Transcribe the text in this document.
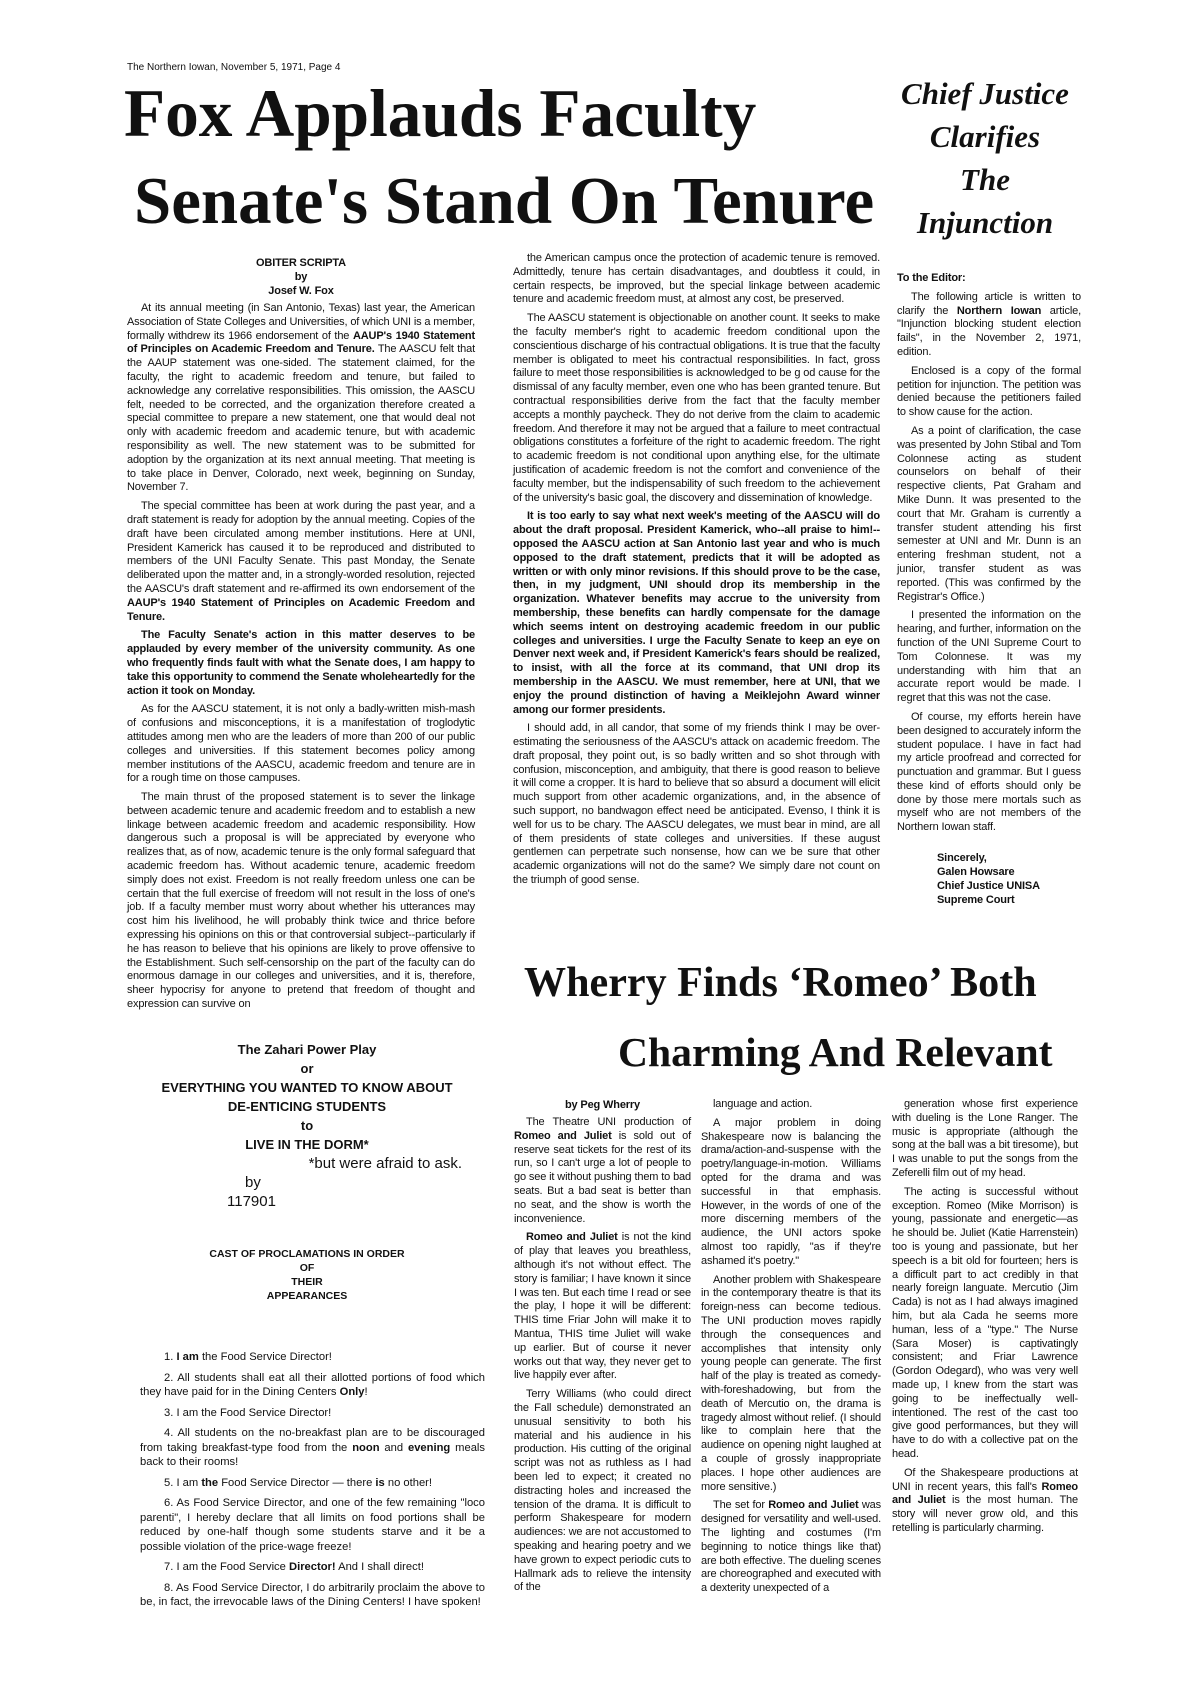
The Northern Iowan, November 5, 1971, Page 4
Fox Applauds Faculty
Senate's Stand On Tenure
Chief Justice
Clarifies
The
Injunction
OBITER SCRIPTA
by
Josef W. Fox

At its annual meeting (in San Antonio, Texas) last year, the American Association of State Colleges and Universities, of which UNI is a member, formally withdrew its 1966 endorsement of the AAUP's 1940 Statement of Principles on Academic Freedom and Tenure. The AASCU felt that the AAUP statement was one-sided. The statement claimed, for the faculty, the right to academic freedom and tenure, but failed to acknowledge any correlative responsibilities. This omission, the AASCU felt, needed to be corrected, and the organization therefore created a special committee to prepare a new statement, one that would deal not only with academic freedom and academic tenure, but with academic responsibility as well. The new statement was to be submitted for adoption by the organization at its next annual meeting. That meeting is to take place in Denver, Colorado, next week, beginning on Sunday, November 7.

The special committee has been at work during the past year, and a draft statement is ready for adoption by the annual meeting. Copies of the draft have been circulated among member institutions. Here at UNI, President Kamerick has caused it to be reproduced and distributed to members of the UNI Faculty Senate. This past Monday, the Senate deliberated upon the matter and, in a strongly-worded resolution, rejected the AASCU's draft statement and re-affirmed its own endorsement of the AAUP's 1940 Statement of Principles on Academic Freedom and Tenure.

The Faculty Senate's action in this matter deserves to be applauded by every member of the university community. As one who frequently finds fault with what the Senate does, I am happy to take this opportunity to commend the Senate wholeheartedly for the action it took on Monday.

As for the AASCU statement, it is not only a badly-written mish-mash of confusions and misconceptions, it is a manifestation of troglodytic attitudes among men who are the leaders of more than 200 of our public colleges and universities. If this statement becomes policy among member institutions of the AASCU, academic freedom and tenure are in for a rough time on those campuses.

The main thrust of the proposed statement is to sever the linkage between academic tenure and academic freedom and to establish a new linkage between academic freedom and academic responsibility. How dangerous such a proposal is will be appreciated by everyone who realizes that, as of now, academic tenure is the only formal safeguard that academic freedom has. Without academic tenure, academic freedom simply does not exist. Freedom is not really freedom unless one can be certain that the full exercise of freedom will not result in the loss of one's job. If a faculty member must worry about whether his utterances may cost him his livelihood, he will probably think twice and thrice before expressing his opinions on this or that controversial subject--particularly if he has reason to believe that his opinions are likely to prove offensive to the Establishment. Such self-censorship on the part of the faculty can do enormous damage in our colleges and universities, and it is, therefore, sheer hypocrisy for anyone to pretend that freedom of thought and expression can survive on

the American campus once the protection of academic tenure is removed. Admittedly, tenure has certain disadvantages, and doubtless it could, in certain respects, be improved, but the special linkage between academic tenure and academic freedom must, at almost any cost, be preserved.

The AASCU statement is objectionable on another count. It seeks to make the faculty member's right to academic freedom conditional upon the conscientious discharge of his contractual obligations. It is true that the faculty member is obligated to meet his contractual responsibilities. In fact, gross failure to meet those responsibilities is acknowledged to be g od cause for the dismissal of any faculty member, even one who has been granted tenure. But contractual responsibilities derive from the fact that the faculty member accepts a monthly paycheck. They do not derive from the claim to academic freedom. And therefore it may not be argued that a failure to meet contractual obligations constitutes a forfeiture of the right to academic freedom. The right to academic freedom is not conditional upon anything else, for the ultimate justification of academic freedom is not the comfort and convenience of the faculty member, but the indispensability of such freedom to the achievement of the university's basic goal, the discovery and dissemination of knowledge.

It is too early to say what next week's meeting of the AASCU will do about the draft proposal. President Kamerick, who--all praise to him!--opposed the AASCU action at San Antonio last year and who is much opposed to the draft statement, predicts that it will be adopted as written or with only minor revisions. If this should prove to be the case, then, in my judgment, UNI should drop its membership in the organization. Whatever benefits may accrue to the university from membership, these benefits can hardly compensate for the damage which seems intent on destroying academic freedom in our public colleges and universities. I urge the Faculty Senate to keep an eye on Denver next week and, if President Kamerick's fears should be realized, to insist, with all the force at its command, that UNI drop its membership in the AASCU. We must remember, here at UNI, that we enjoy the pround distinction of having a Meiklejohn Award winner among our former presidents.

I should add, in all candor, that some of my friends think I may be over-estimating the seriousness of the AASCU's attack on academic freedom. The draft proposal, they point out, is so badly written and so shot through with confusion, misconception, and ambiguity, that there is good reason to believe it will come a cropper. It is hard to believe that so absurd a document will elicit much support from other academic organizations, and, in the absence of such support, no bandwagon effect need be anticipated. Evenso, I think it is well for us to be chary. The AASCU delegates, we must bear in mind, are all of them presidents of state colleges and universities. If these august gentlemen can perpetrate such nonsense, how can we be sure that other academic organizations will not do the same? We simply dare not count on the triumph of good sense.

To the Editor:

The following article is written to clarify the Northern Iowan article, "Injunction blocking student election fails", in the November 2, 1971, edition.

Enclosed is a copy of the formal petition for injunction. The petition was denied because the petitioners failed to show cause for the action.

As a point of clarification, the case was presented by John Stibal and Tom Colonnese acting as student counselors on behalf of their respective clients, Pat Graham and Mike Dunn. It was presented to the court that Mr. Graham is currently a transfer student attending his first semester at UNI and Mr. Dunn is an entering freshman student, not a junior, transfer student as was reported. (This was confirmed by the Registrar's Office.)

I presented the information on the hearing, and further, information on the function of the UNI Supreme Court to Tom Colonnese. It was my understanding with him that an accurate report would be made. I regret that this was not the case.

Of course, my efforts herein have been designed to accurately inform the student populace. I have in fact had my article proofread and corrected for punctuation and grammar. But I guess these kind of efforts should only be done by those mere mortals such as myself who are not members of the Northern Iowan staff.

Sincerely,
Galen Howsare
Chief Justice UNISA Supreme Court
The Zahari Power Play
or
EVERYTHING YOU WANTED TO KNOW ABOUT
DE-ENTICING STUDENTS
to
LIVE IN THE DORM*
*but were afraid to ask.
by
117901
CAST OF PROCLAMATIONS IN ORDER
OF
THEIR
APPEARANCES

1. I am the Food Service Director!

2. All students shall eat all their allotted portions of food which they have paid for in the Dining Centers Only!

3. I am the Food Service Director!

4. All students on the no-breakfast plan are to be discouraged from taking breakfast-type food from the noon and evening meals back to their rooms!

5. I am the Food Service Director — there is no other!

6. As Food Service Director, and one of the few remaining "loco parenti", I hereby declare that all limits on food portions shall be reduced by one-half though some students starve and it be a possible violation of the price-wage freeze!

7. I am the Food Service Director! And I shall direct!

8. As Food Service Director, I do arbitrarily proclaim the above to be, in fact, the irrevocable laws of the Dining Centers! I have spoken!

Wherry Finds ‘Romeo’ Both
Charming And Relevant
by Peg Wherry

The Theatre UNI production of Romeo and Juliet is sold out of reserve seat tickets for the rest of its run, so I can't urge a lot of people to go see it without pushing them to bad seats. But a bad seat is better than no seat, and the show is worth the inconvenience.

Romeo and Juliet is not the kind of play that leaves you breathless, although it's not without effect. The story is familiar; I have known it since I was ten. But each time I read or see the play, I hope it will be different: THIS time Friar John will make it to Mantua, THIS time Juliet will wake up earlier. But of course it never works out that way, they never get to live happily ever after.

Terry Williams (who could direct the Fall schedule) demonstrated an unusual sensitivity to both his material and his audience in his production. His cutting of the original script was not as ruthless as I had been led to expect; it created no distracting holes and increased the tension of the drama. It is difficult to perform Shakespeare for modern audiences: we are not accustomed to speaking and hearing poetry and we have grown to expect periodic cuts to Hallmark ads to relieve the intensity of the

language and action.

A major problem in doing Shakespeare now is balancing the drama/action-and-suspense with the poetry/language-in-motion. Williams opted for the drama and was successful in that emphasis. However, in the words of one of the more discerning members of the audience, the UNI actors spoke almost too rapidly, "as if they're ashamed it's poetry."

Another problem with Shakespeare in the contemporary theatre is that its foreign-ness can become tedious. The UNI production moves rapidly through the consequences and accomplishes that intensity only young people can generate. The first half of the play is treated as comedy-with-foreshadowing, but from the death of Mercutio on, the drama is tragedy almost without relief. (I should like to complain here that the audience on opening night laughed at a couple of grossly inappropriate places. I hope other audiences are more sensitive.)

The set for Romeo and Juliet was designed for versatility and well-used. The lighting and costumes (I'm beginning to notice things like that) are both effective. The dueling scenes are choreographed and executed with a dexterity unexpected of a

generation whose first experience with dueling is the Lone Ranger. The music is appropriate (although the song at the ball was a bit tiresome), but I was unable to put the songs from the Zeferelli film out of my head.

The acting is successful without exception. Romeo (Mike Morrison) is young, passionate and energetic—as he should be. Juliet (Katie Harrenstein) too is young and passionate, but her speech is a bit old for fourteen; hers is a difficult part to act credibly in that nearly foreign languate. Mercutio (Jim Cada) is not as I had always imagined him, but ala Cada he seems more human, less of a "type." The Nurse (Sara Moser) is captivatingly consistent; and Friar Lawrence (Gordon Odegard), who was very well made up, I knew from the start was going to be ineffectually well-intentioned. The rest of the cast too give good performances, but they will have to do with a collective pat on the head.

Of the Shakespeare productions at UNI in recent years, this fall's Romeo and Juliet is the most human. The story will never grow old, and this retelling is particularly charming.
